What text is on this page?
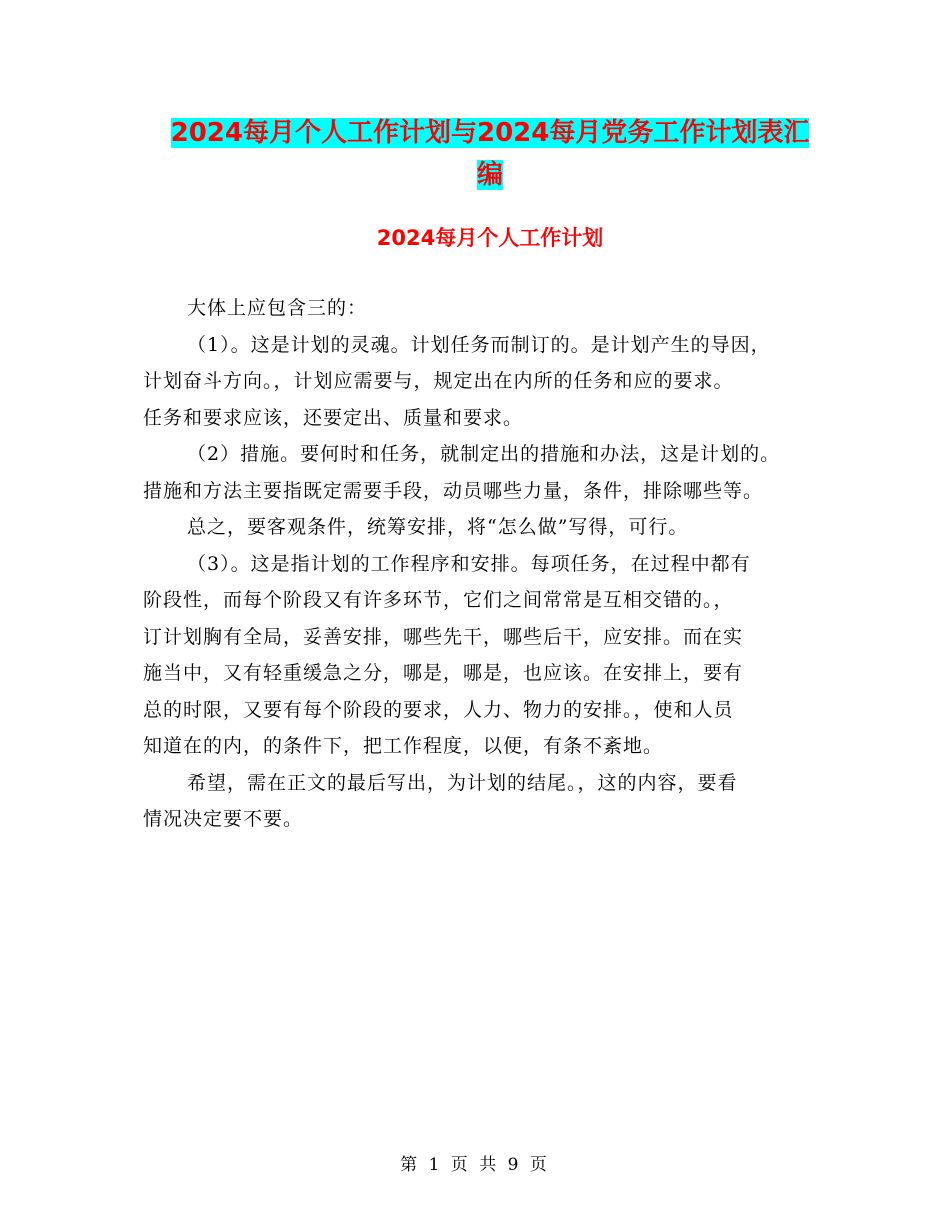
2024每月个人工作计划与2024每月党务工作计划表汇
编
2024每月个人工作计划
大体上应包含三的：
（1）。这是计划的灵魂。计划任务而制订的。是计划产生的导因，
计划奋斗方向。，计划应需要与，规定出在内所的任务和应的要求。
任务和要求应该，还要定出、质量和要求。
（2）措施。要何时和任务，就制定出的措施和办法，这是计划的。
措施和方法主要指既定需要手段，动员哪些力量，条件，排除哪些等。
总之，要客观条件，统筹安排，将“怎么做”写得，可行。
（3）。这是指计划的工作程序和安排。每项任务，在过程中都有
阶段性，而每个阶段又有许多环节，它们之间常常是互相交错的。，
订计划胸有全局，妥善安排，哪些先干，哪些后干，应安排。而在实
施当中，又有轻重缓急之分，哪是，哪是，也应该。在安排上，要有
总的时限，又要有每个阶段的要求，人力、物力的安排。，使和人员
知道在的内，的条件下，把工作程度，以便，有条不紊地。
希望，需在正文的最后写出，为计划的结尾。，这的内容，要看
情况决定要不要。
第 1 页 共 9 页
